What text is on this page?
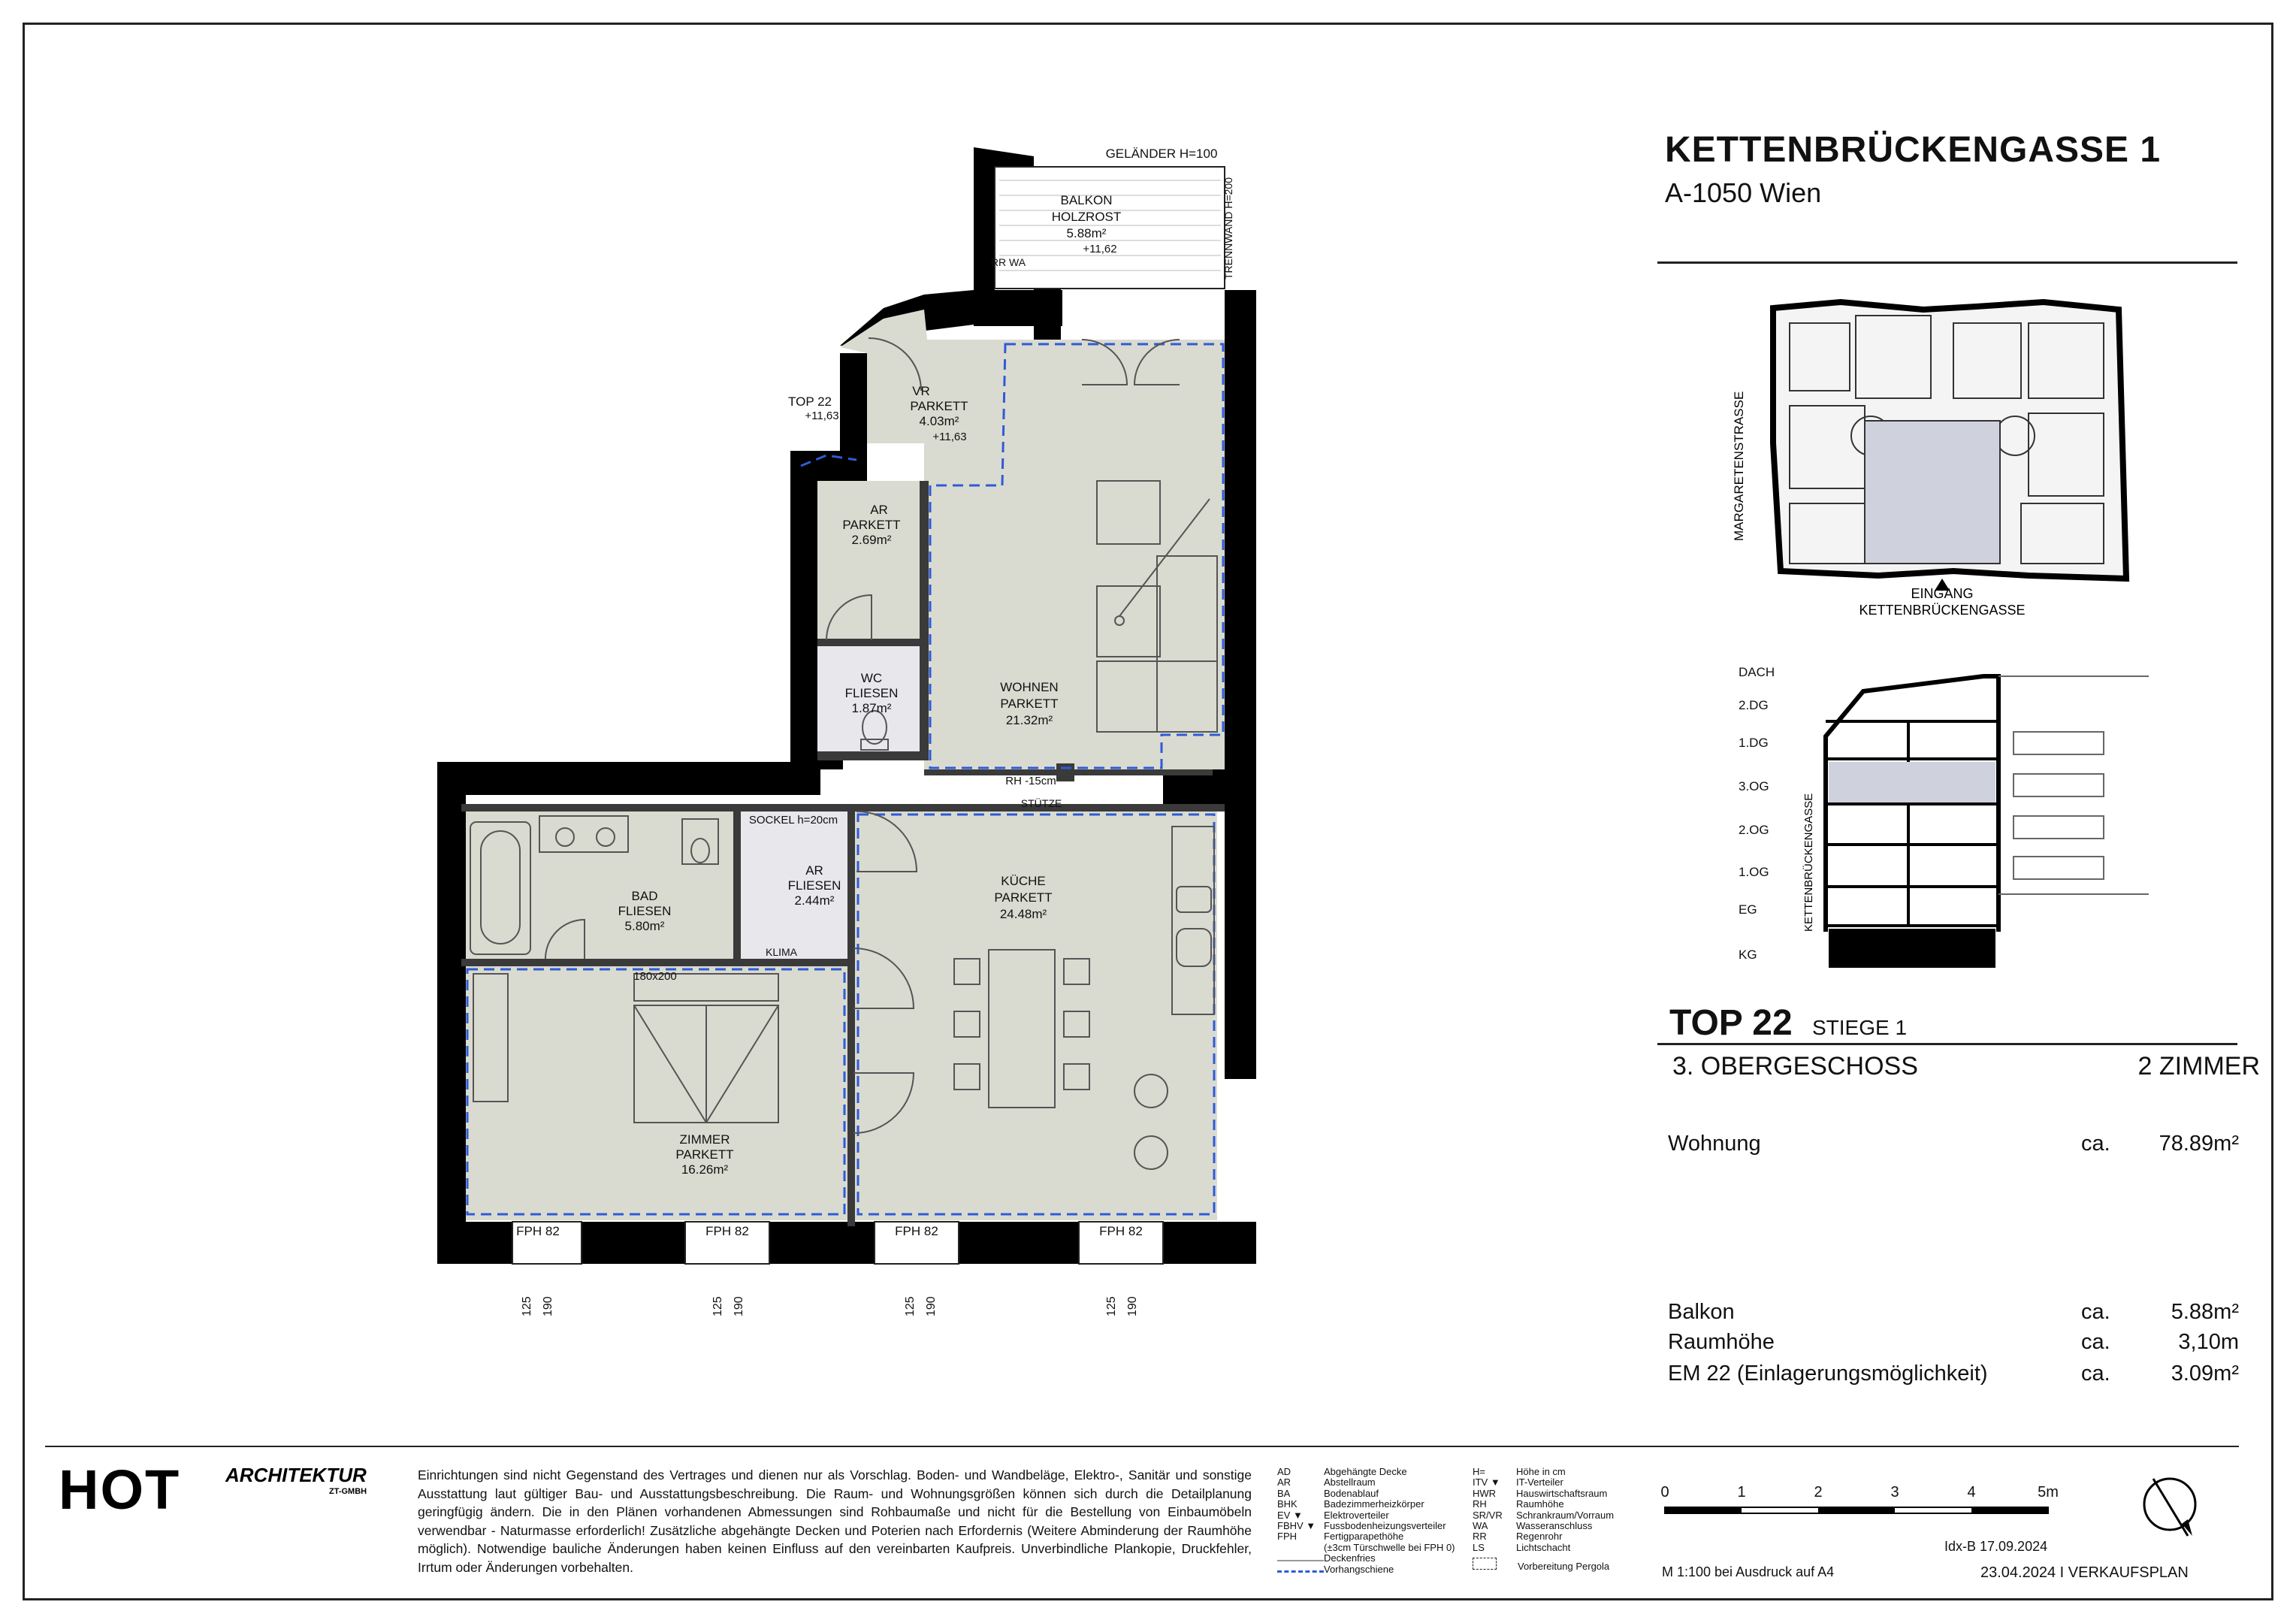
GELÄNDER H=100
BALKON
HOLZROST
5.88m²
+11,62
RR WA
VR
PARKETT
4.03m²
+11,63
TOP 22
+11,63
AR
PARKETT
2.69m²
WC
FLIESEN
1.87m²
WOHNEN
PARKETT
21.32m²
BAD
FLIESEN
5.80m²
AR
FLIESEN
2.44m²
SOCKEL h=20cm
KLIMA
KÜCHE
PARKETT
24.48m²
ZIMMER
PARKETT
16.26m²
180x200
RH -15cm
STÜTZE
FPH 82	FPH 82	FPH 82	FPH 82
125 190	125 190	125 190	125 190
TRENNWAND H=200
KETTENBRÜCKENGASSE 1
A-1050 Wien
EINGANG
KETTENBRÜCKENGASSE
MARGARETENSTRASSE
DACH
2.DG
1.DG
3.OG
2.OG
1.OG
EG
KG
KETTENBRÜCKENGASSE
TOP 22 STIEGE 1
3. OBERGESCHOSS	2 ZIMMER
Wohnung	ca. 78.89m²
Balkon	ca.	5.88m²
Raumhöhe	ca.	3,10m
EM 22 (Einlagerungsmöglichkeit)	ca.	3.09m²
HOT ARCHITEKTUR
ZT-GMBH
Einrichtungen sind nicht Gegenstand des Vertrages und dienen nur als Vorschlag. Boden- und Wandbeläge, Elektro-, Sanitär und sonstige Ausstattung laut gültiger Bau- und Ausstattungsbeschreibung. Die Raum- und Wohnungsgrößen können sich durch die Detailplanung geringfügig ändern. Die in den Plänen vorhandenen Abmessungen sind Rohbaumaße und nicht für die Bestellung von Einbaumöbeln verwendbar - Naturmasse erforderlich! Zusätzliche abgehängte Decken und Poterien nach Erfordernis (Weitere Abminderung der Raumhöhe möglich). Notwendige bauliche Änderungen haben keinen Einfluss auf den vereinbarten Kaufpreis. Unverbindliche Plankopie, Druckfehler, Irrtum oder Änderungen vorbehalten.
AD	Abgehängte Decke
AR	Abstellraum
BA	Bodenablauf
BHK	Badezimmerheizkörper
EV ▼ Elektroverteiler
FBHV ▼ Fussbodenheizungsverteiler
FPH	Fertigparapethöhe
(±3cm Türschwelle bei FPH 0)
Deckenfries
Vorhangschiene
H=	Höhe in cm
ITV ▼ IT-Verteiler
HWR Hauswirtschaftsraum
RH	Raumhöhe
SR/VR Schrankraum/Vorraum
WA	Wasseranschluss
RR	Regenrohr
LS	Lichtschacht
Vorbereitung Pergola
0	1	2	3	4	5m
Idx-B 17.09.2024
M 1:100 bei Ausdruck auf A4	23.04.2024 I VERKAUFSPLAN
